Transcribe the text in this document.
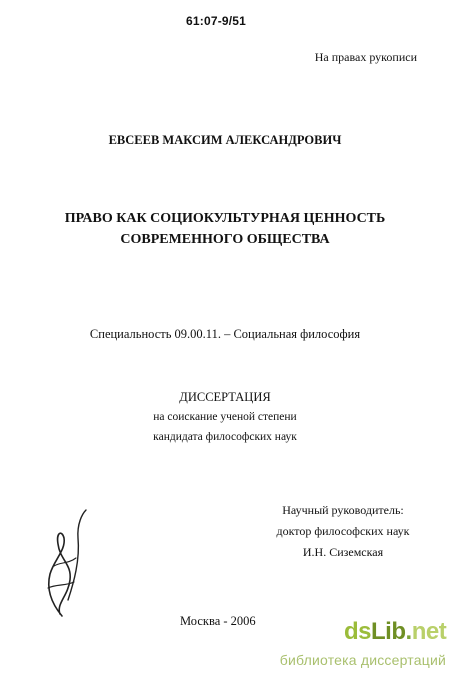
61:07-9/51
На правах рукописи
ЕВСЕЕВ МАКСИМ АЛЕКСАНДРОВИЧ
ПРАВО КАК СОЦИОКУЛЬТУРНАЯ ЦЕННОСТЬ
СОВРЕМЕННОГО ОБЩЕСТВА
Специальность 09.00.11. – Социальная философия
ДИССЕРТАЦИЯ
на соискание ученой степени
кандидата философских наук
Научный руководитель:
доктор философских наук
И.Н. Сиземская
Москва - 2006	dsLib.net
библиотека диссертаций
